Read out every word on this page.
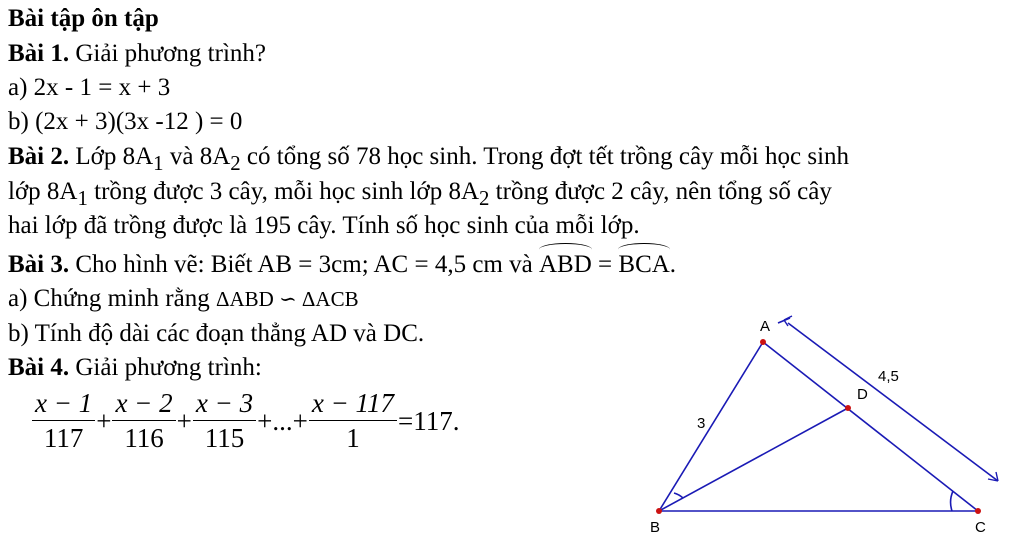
Bài tập ôn tập
Bài 1. Giải phương trình?
a) 2x - 1 = x + 3
b) (2x + 3)(3x -12 ) = 0
Bài 2. Lớp $8A_1$ và $8A_2$ có tổng số 78 học sinh. Trong đợt tết trồng cây mỗi học sinh
lớp $8A_1$ trồng được 3 cây, mỗi học sinh lớp $8A_2$ trồng được 2 cây, nên tổng số cây
hai lớp đã trồng được là 195 cây. Tính số học sinh của mỗi lớp.
Bài 3. Cho hình vẽ: Biết AB = 3cm; AC = 4,5 cm và ABD = BCA.
a) Chứng minh rằng ΔABD ∽ ΔACB
b) Tính độ dài các đoạn thẳng AD và DC.
Bài 4. Giải phương trình:
$\frac{x - 1}{117} + \frac{x - 2}{116} + \frac{x - 3}{115}$ +...+ $\frac{x - 117}{1} =117$.
A
B	C
D
3
4,5
